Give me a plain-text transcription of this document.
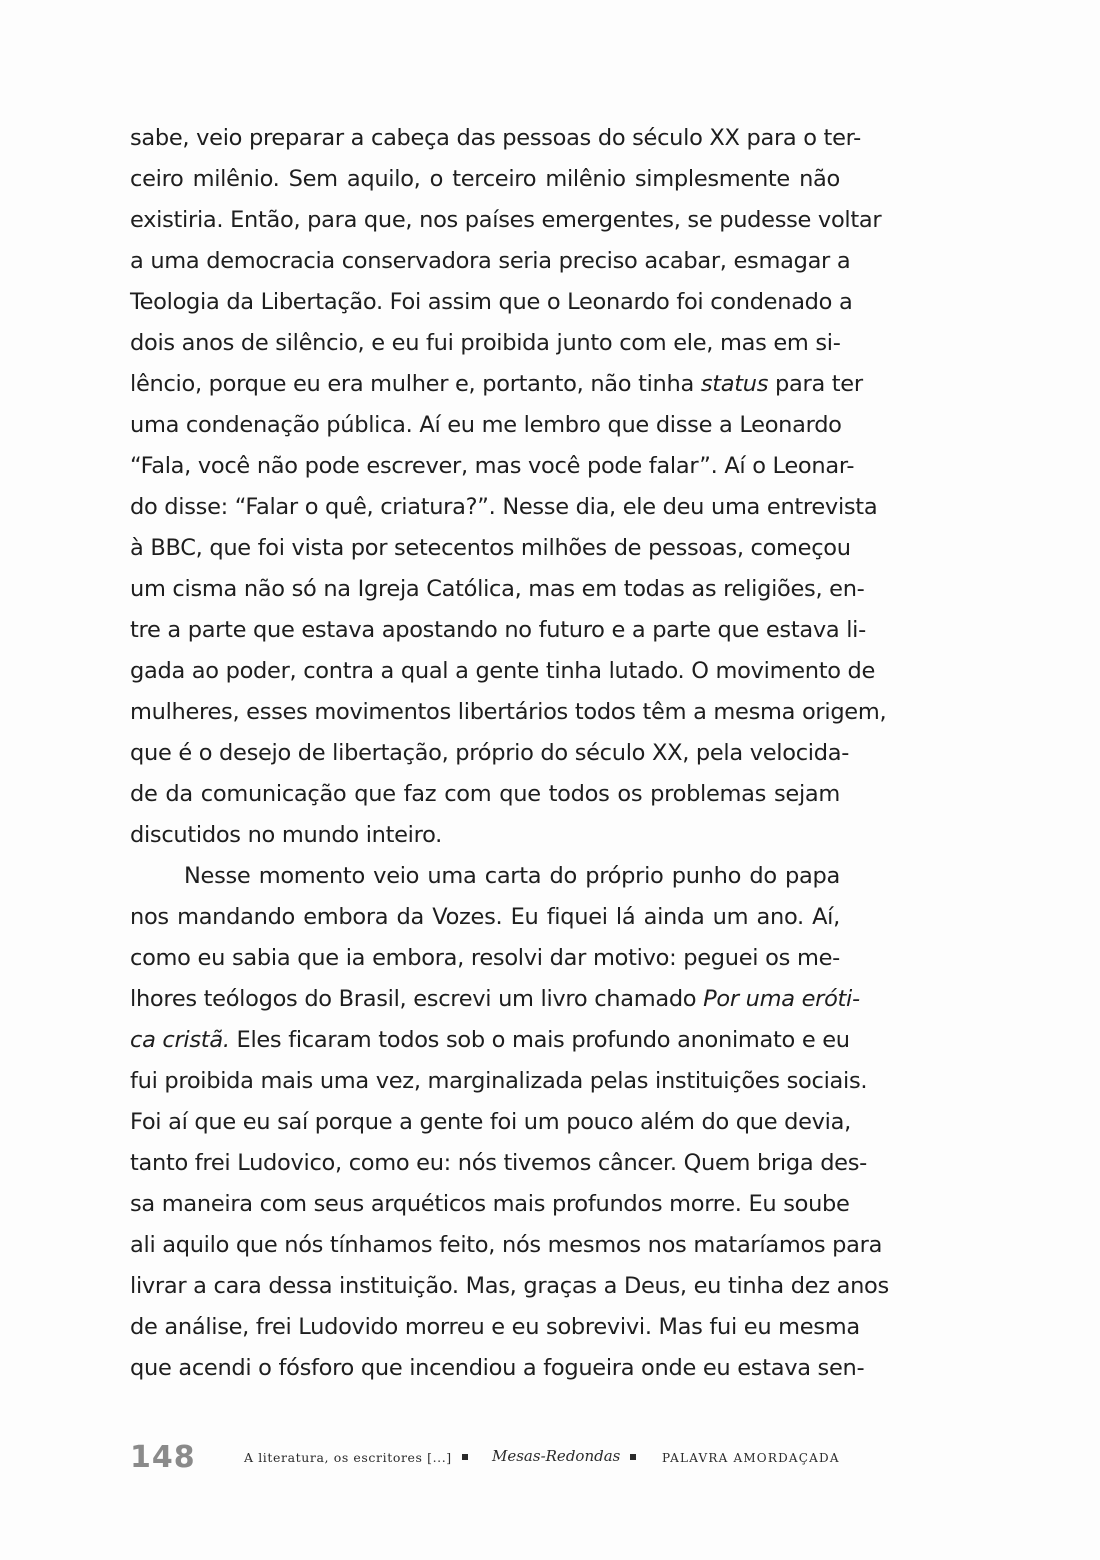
sabe, veio preparar a cabeça das pessoas do século XX para o ter-
ceiro milênio. Sem aquilo, o terceiro milênio simplesmente não
existiria. Então, para que, nos países emergentes, se pudesse voltar
a uma democracia conservadora seria preciso acabar, esmagar a
Teologia da Libertação. Foi assim que o Leonardo foi condenado a
dois anos de silêncio, e eu fui proibida junto com ele, mas em si-
lêncio, porque eu era mulher e, portanto, não tinha status para ter
uma condenação pública. Aí eu me lembro que disse a Leonardo
“Fala, você não pode escrever, mas você pode falar”. Aí o Leonar-
do disse: “Falar o quê, criatura?”. Nesse dia, ele deu uma entrevista
à BBC, que foi vista por setecentos milhões de pessoas, começou
um cisma não só na Igreja Católica, mas em todas as religiões, en-
tre a parte que estava apostando no futuro e a parte que estava li-
gada ao poder, contra a qual a gente tinha lutado. O movimento de
mulheres, esses movimentos libertários todos têm a mesma origem,
que é o desejo de libertação, próprio do século XX, pela velocida-
de da comunicação que faz com que todos os problemas sejam
discutidos no mundo inteiro.
Nesse momento veio uma carta do próprio punho do papa
nos mandando embora da Vozes. Eu fiquei lá ainda um ano. Aí,
como eu sabia que ia embora, resolvi dar motivo: peguei os me-
lhores teólogos do Brasil, escrevi um livro chamado Por uma eróti-
ca cristã. Eles ficaram todos sob o mais profundo anonimato e eu
fui proibida mais uma vez, marginalizada pelas instituições sociais.
Foi aí que eu saí porque a gente foi um pouco além do que devia,
tanto frei Ludovico, como eu: nós tivemos câncer. Quem briga des-
sa maneira com seus arquéticos mais profundos morre. Eu soube
ali aquilo que nós tínhamos feito, nós mesmos nos mataríamos para
livrar a cara dessa instituição. Mas, graças a Deus, eu tinha dez anos
de análise, frei Ludovido morreu e eu sobrevivi. Mas fui eu mesma
que acendi o fósforo que incendiou a fogueira onde eu estava sen-
148	A literatura, os escritores [...]	Mesas-Redondas	PALAVRA AMORDAÇADA
